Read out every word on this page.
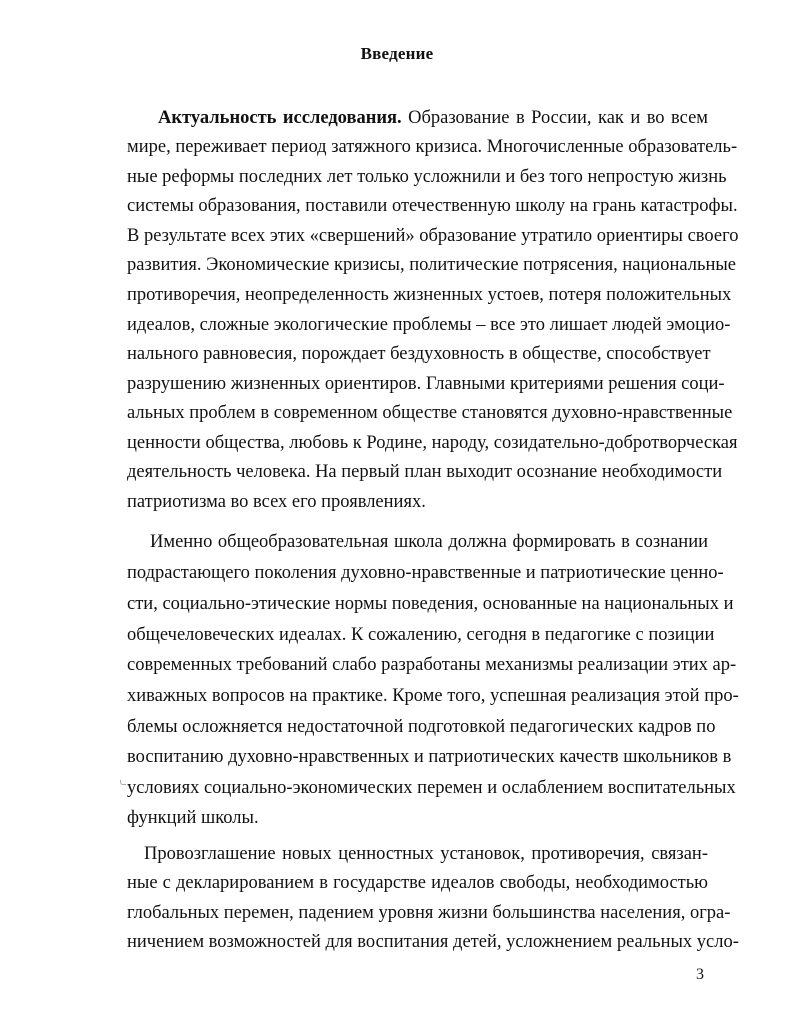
Введение
Актуальность исследования. Образование в России, как и во всем
мире, переживает период затяжного кризиса. Многочисленные образователь-
ные реформы последних лет только усложнили и без того непростую жизнь
системы образования, поставили отечественную школу на грань катастрофы.
В результате всех этих «свершений» образование утратило ориентиры своего
развития. Экономические кризисы, политические потрясения, национальные
противоречия, неопределенность жизненных устоев, потеря положительных
идеалов, сложные экологические проблемы – все это лишает людей эмоцио-
нального равновесия, порождает бездуховность в обществе, способствует
разрушению жизненных ориентиров. Главными критериями решения соци-
альных проблем в современном обществе становятся духовно-нравственные
ценности общества, любовь к Родине, народу, созидательно-добротворческая
деятельность человека. На первый план выходит осознание необходимости
патриотизма во всех его проявлениях.
Именно общеобразовательная школа должна формировать в сознании
подрастающего поколения духовно-нравственные и патриотические ценно-
сти, социально-этические нормы поведения, основанные на национальных и
общечеловеческих идеалах. К сожалению, сегодня в педагогике с позиции
современных требований слабо разработаны механизмы реализации этих ар-
хиважных вопросов на практике. Кроме того, успешная реализация этой про-
блемы осложняется недостаточной подготовкой педагогических кадров по
воспитанию духовно-нравственных и патриотических качеств школьников в
условиях социально-экономических перемен и ослаблением воспитательных
функций школы.
Провозглашение новых ценностных установок, противоречия, связан-
ные с декларированием в государстве идеалов свободы, необходимостью
глобальных перемен, падением уровня жизни большинства населения, огра-
ничением возможностей для воспитания детей, усложнением реальных усло-
3
